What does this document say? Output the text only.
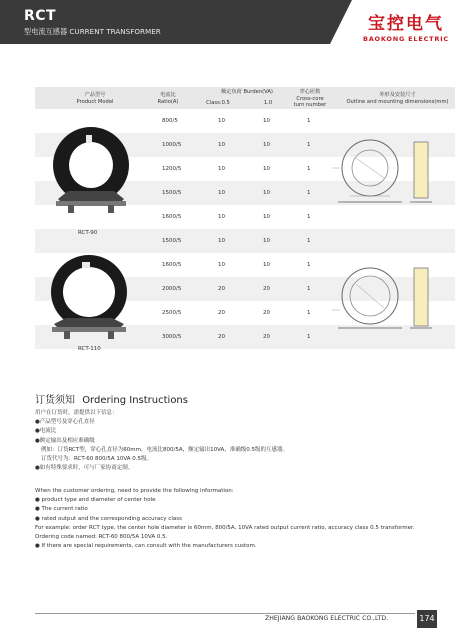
RCT
型电流互感器 CURRENT TRANSFORMER	宝控电气
BAOKONG ELECTRIC
产品型号
Product Model
电流比
Ratio(A)
额定负荷 Burden(VA)
Class:0.5	1.0
穿心匝数
Cross-core
turn number
外形及安装尺寸
Outline and mounting dimensions(mm)
800/5	10	10	1
1000/5	10	10	1
1200/5	10	10	1
1500/5	10	10	1
1600/5	10	10	1
1500/5	10	10	1
1600/5	10	10	1
2000/5	20	20	1
2500/5	20	20	1
3000/5	20	20	1
RCT-90
RCT-110
订货须知 Ordering Instructions

用户在订货时，需提供以下信息：

●产品型号及穿心孔直径

●电流比

●额定输出及相应准确级

例如：订货RCT型，穿心孔直径为60mm，电流比800/5A，额定输出10VA，准确级0.5级的互感器。

订货代号为：RCT-60 800/5A 10VA 0.5级。

●如有特殊要求时，可与厂家协商定制。

When the customer ordering, need to provide the following information:

● product type and diameter of center hole

● The current ratio

● rated output and the corresponding accuracy class

For example: order RCT type, the center hole diameter is 60mm, 800/5A, 10VA rated output current ratio, accuracy class 0.5 transformer.

Ordering code named: RCT-60 800/5A 10VA 0.5.

● If there are special requirements, can consult with the manufacturers custom.

ZHEJIANG BAOKONG ELECTRIC CO.,LTD.	174
